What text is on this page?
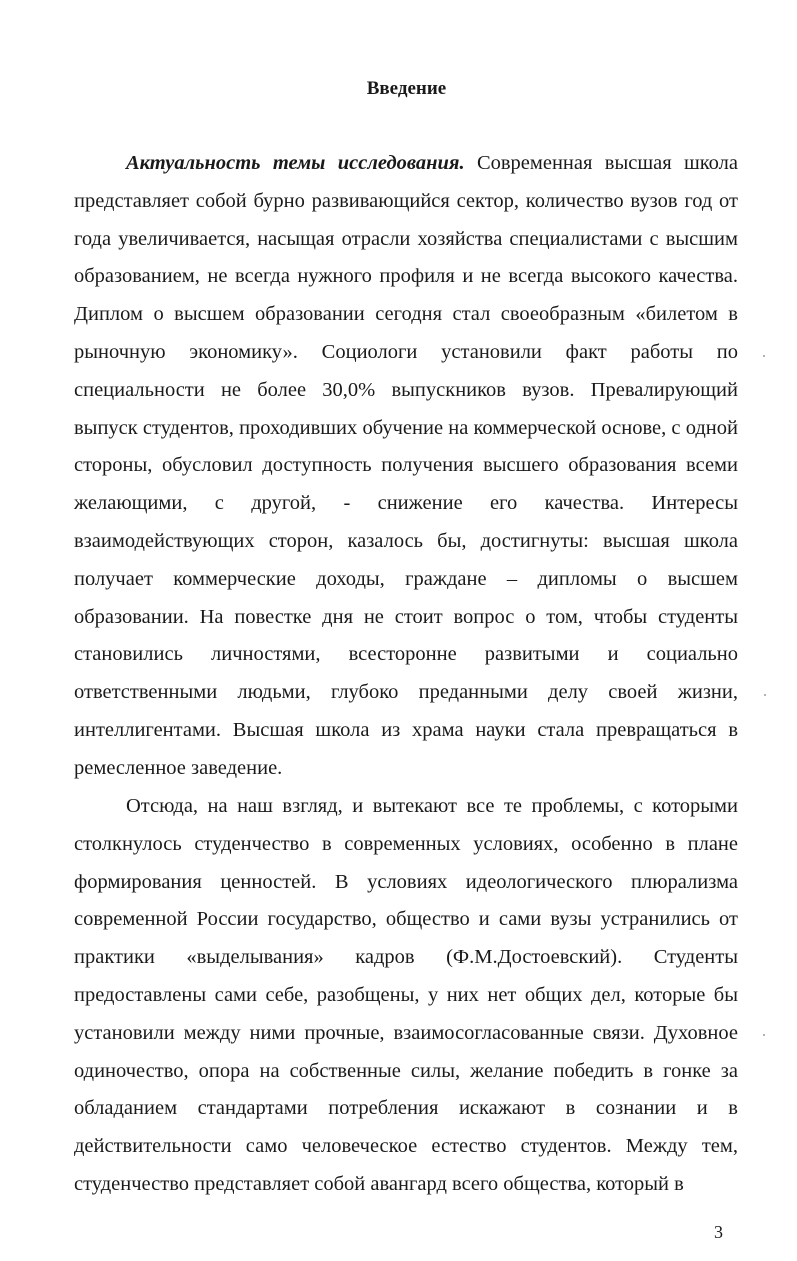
Введение

Актуальность темы исследования. Современная высшая школа представляет собой бурно развивающийся сектор, количество вузов год от года увеличивается, насыщая отрасли хозяйства специалистами с высшим образованием, не всегда нужного профиля и не всегда высокого качества. Диплом о высшем образовании сегодня стал своеобразным «билетом в рыночную экономику». Социологи установили факт работы по специальности не более 30,0% выпускников вузов. Превалирующий выпуск студентов, проходивших обучение на коммерческой основе, с одной стороны, обусловил доступность получения высшего образования всеми желающими, с другой, - снижение его качества. Интересы взаимодействующих сторон, казалось бы, достигнуты: высшая школа получает коммерческие доходы, граждане – дипломы о высшем образовании. На повестке дня не стоит вопрос о том, чтобы студенты становились личностями, всесторонне развитыми и социально ответственными людьми, глубоко преданными делу своей жизни, интеллигентами. Высшая школа из храма науки стала превращаться в ремесленное заведение.

Отсюда, на наш взгляд, и вытекают все те проблемы, с которыми столкнулось студенчество в современных условиях, особенно в плане формирования ценностей. В условиях идеологического плюрализма современной России государство, общество и сами вузы устранились от практики «выделывания» кадров (Ф.М.Достоевский). Студенты предоставлены сами себе, разобщены, у них нет общих дел, которые бы установили между ними прочные, взаимосогласованные связи. Духовное одиночество, опора на собственные силы, желание победить в гонке за обладанием стандартами потребления искажают в сознании и в действительности само человеческое естество студентов. Между тем, студенчество представляет собой авангард всего общества, который в

3
